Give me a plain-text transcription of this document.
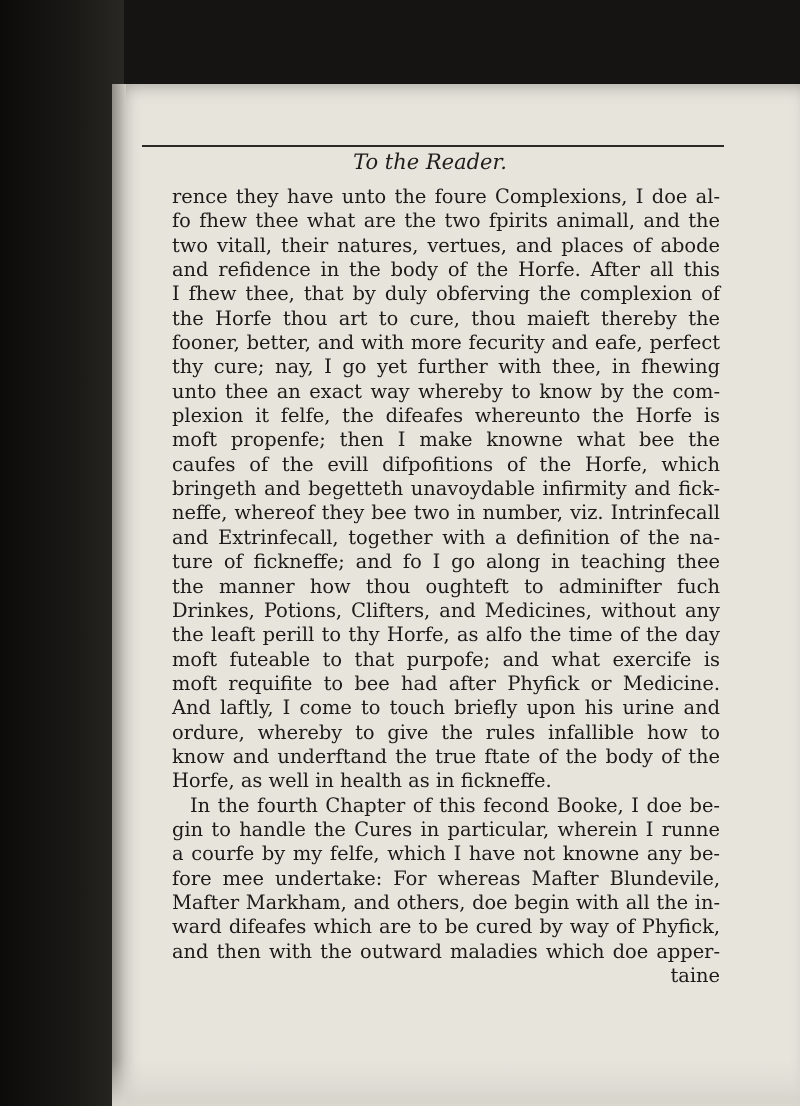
To the Reader.
rence they have unto the foure Complexions, I doe al-
fo fhew thee what are the two fpirits animall, and the
two vitall, their natures, vertues, and places of abode
and refidence in the body of the Horfe. After all this
I fhew thee, that by duly obferving the complexion of
the Horfe thou art to cure, thou maieft thereby the
fooner, better, and with more fecurity and eafe, perfect
thy cure; nay, I go yet further with thee, in fhewing
unto thee an exact way whereby to know by the com-
plexion it felfe, the difeafes whereunto the Horfe is
moft propenfe; then I make knowne what bee the
caufes of the evill difpofitions of the Horfe, which
bringeth and begetteth unavoydable infirmity and fick-
neffe, whereof they bee two in number, viz. Intrinfecall
and Extrinfecall, together with a definition of the na-
ture of fickneffe; and fo I go along in teaching thee
the manner how thou oughteft to adminifter fuch
Drinkes, Potions, Clifters, and Medicines, without any
the leaft perill to thy Horfe, as alfo the time of the day
moft futeable to that purpofe; and what exercife is
moft requifite to bee had after Phyfick or Medicine.
And laftly, I come to touch briefly upon his urine and
ordure, whereby to give the rules infallible how to
know and underftand the true ftate of the body of the
Horfe, as well in health as in fickneffe.
In the fourth Chapter of this fecond Booke, I doe be-
gin to handle the Cures in particular, wherein I runne
a courfe by my felfe, which I have not knowne any be-
fore mee undertake: For whereas Mafter Blundevile,
Mafter Markham, and others, doe begin with all the in-
ward difeafes which are to be cured by way of Phyfick,
and then with the outward maladies which doe apper-
taine
